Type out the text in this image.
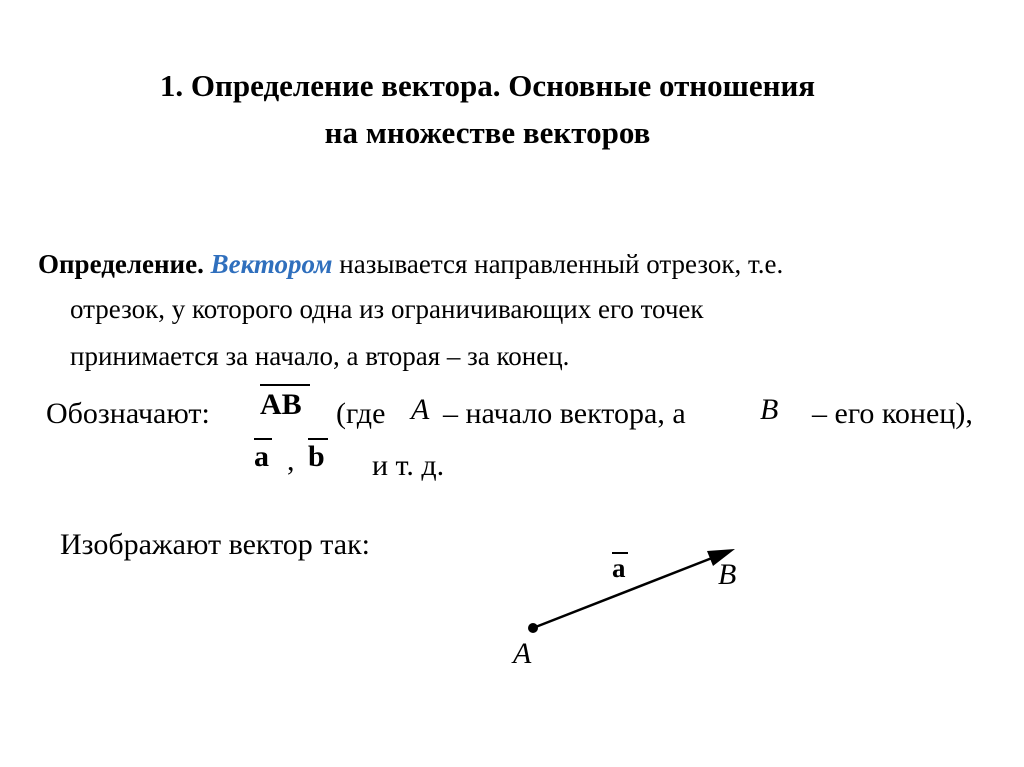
1. Определение вектора. Основные отношения
на множестве векторов
Определение. Вектором называется направленный отрезок, т.е.
отрезок, у которого одна из ограничивающих его точек
принимается за начало, а вторая – за конец.
Обозначают: AB (где A – начало вектора, а B – его конец),
a , b и т. д.
Изображают вектор так:
a	B
A
